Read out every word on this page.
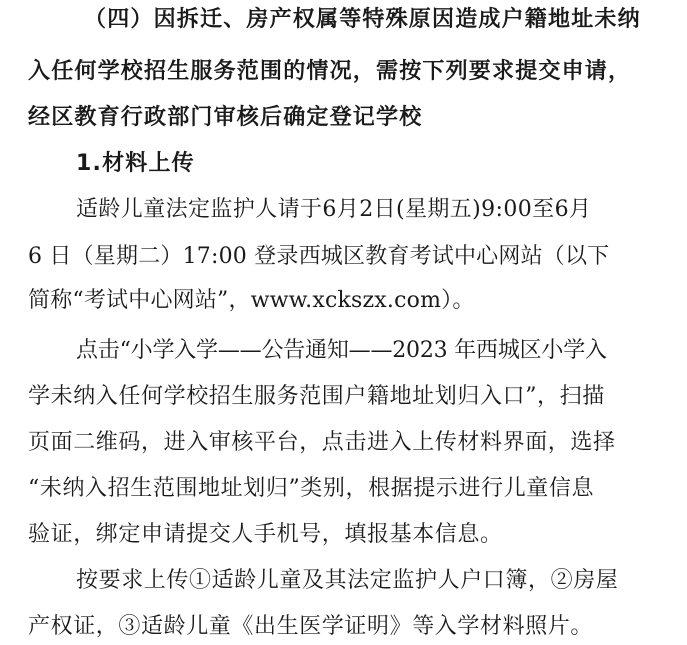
（四）因拆迁、房产权属等特殊原因造成户籍地址未纳
入任何学校招生服务范围的情况，需按下列要求提交申请，
经区教育行政部门审核后确定登记学校
1.材料上传
适龄儿童法定监护人请于6月2日(星期五)9:00至6月
6 日（星期二）17:00 登录西城区教育考试中心网站（以下
简称“考试中心网站”，www.xckszx.com）。
点击“小学入学——公告通知——2023 年西城区小学入
学未纳入任何学校招生服务范围户籍地址划归入口”，扫描
页面二维码，进入审核平台，点击进入上传材料界面，选择
“未纳入招生范围地址划归”类别，根据提示进行儿童信息
验证，绑定申请提交人手机号，填报基本信息。
按要求上传①适龄儿童及其法定监护人户口簿，②房屋
产权证，③适龄儿童《出生医学证明》等入学材料照片。
